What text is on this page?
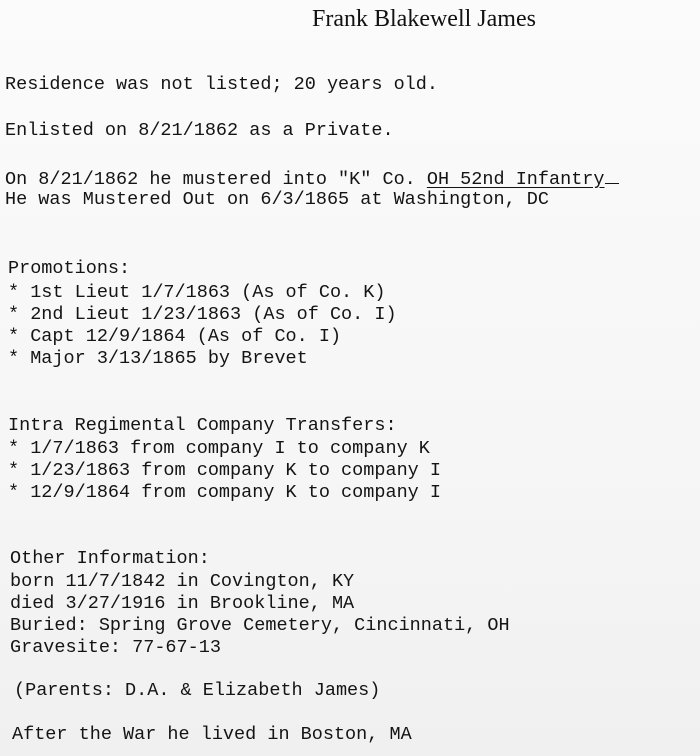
Frank Blakewell James
Residence was not listed; 20 years old.
Enlisted on 8/21/1862 as a Private.
On 8/21/1862 he mustered into "K" Co. OH 52nd Infantry
He was Mustered Out on 6/3/1865 at Washington, DC
Promotions:
* 1st Lieut 1/7/1863 (As of Co. K)
* 2nd Lieut 1/23/1863 (As of Co. I)
* Capt 12/9/1864 (As of Co. I)
* Major 3/13/1865 by Brevet
Intra Regimental Company Transfers:
* 1/7/1863 from company I to company K
* 1/23/1863 from company K to company I
* 12/9/1864 from company K to company I
Other Information:
born 11/7/1842 in Covington, KY
died 3/27/1916 in Brookline, MA
Buried: Spring Grove Cemetery, Cincinnati, OH
Gravesite: 77-67-13
(Parents: D.A. & Elizabeth James)
After the War he lived in Boston, MA
